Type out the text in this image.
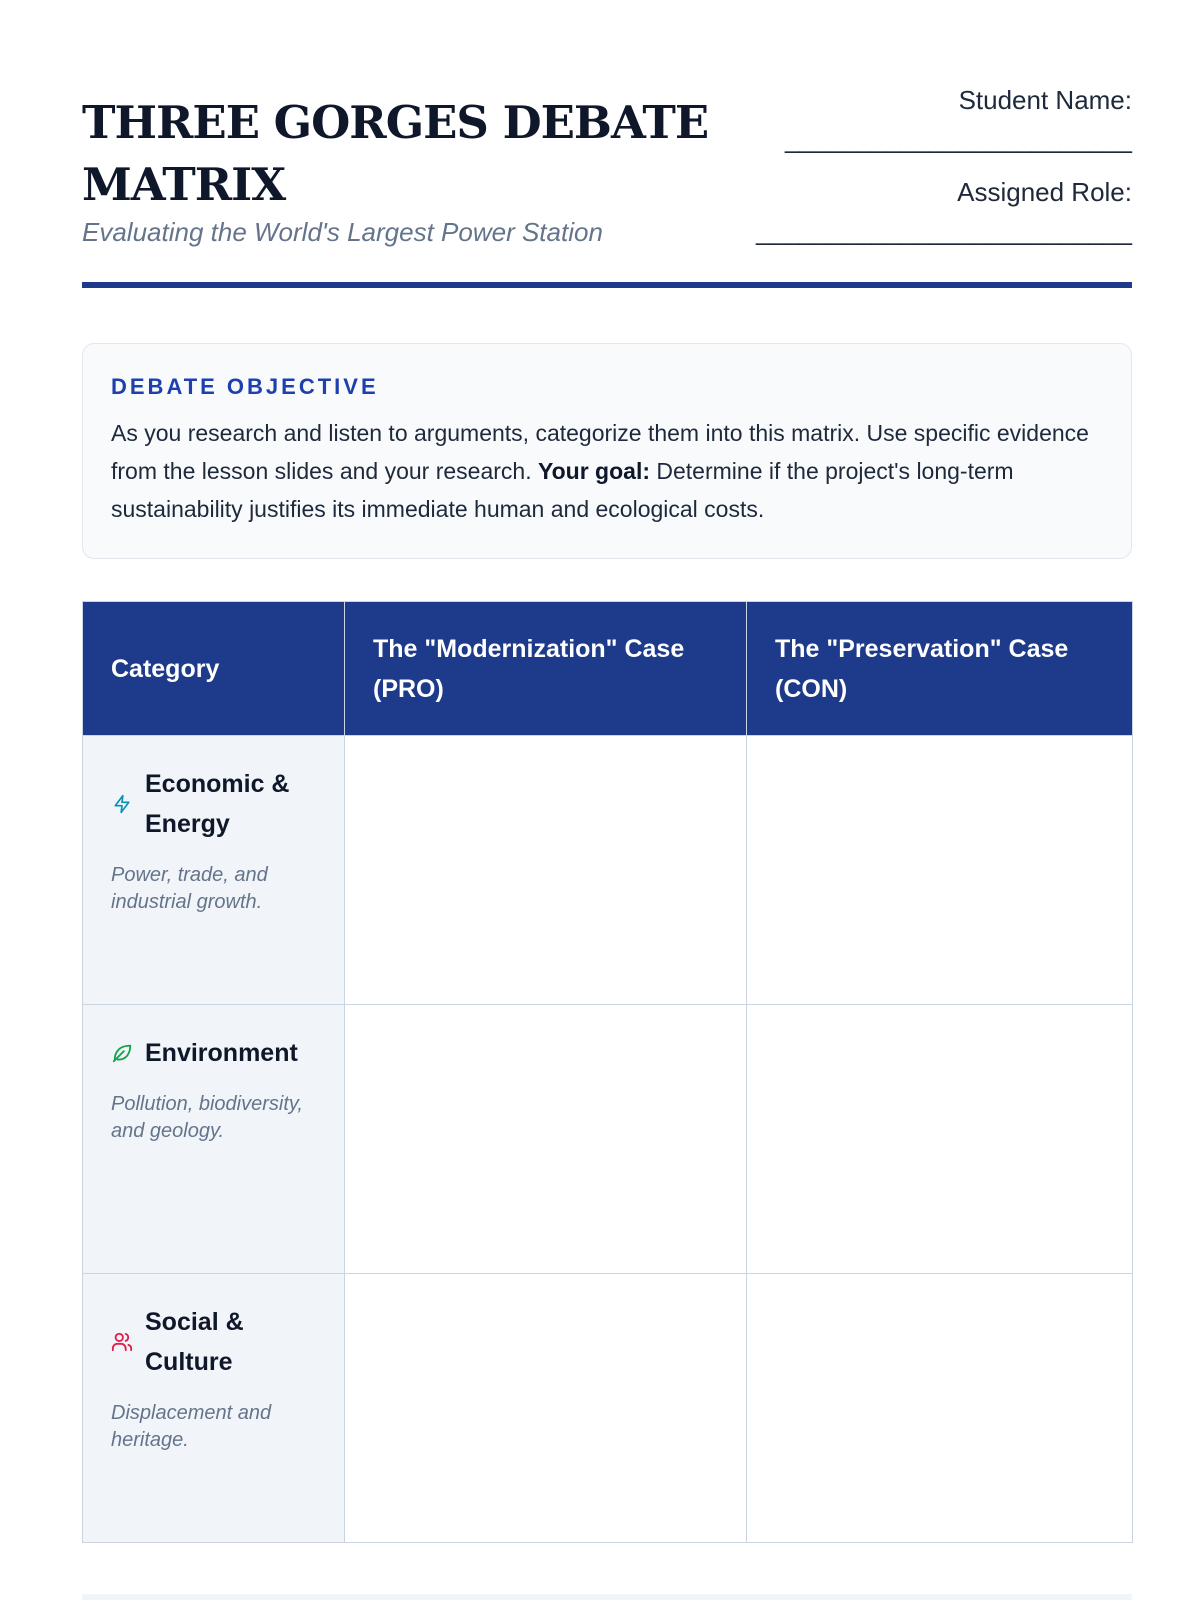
THREE GORGES DEBATE MATRIX
Evaluating the World's Largest Power Station
Student Name:
________________________
Assigned Role:
__________________________
DEBATE OBJECTIVE

As you research and listen to arguments, categorize them into this matrix. Use specific evidence from the lesson slides and your research. Your goal: Determine if the project's long-term sustainability justifies its immediate human and ecological costs.

Category	The "Modernization" Case (PRO)	The "Preservation" Case (CON)

Economic & Energy
Power, trade, and industrial growth.		

Environment
Pollution, biodiversity, and geology.		

Social & Culture
Displacement and heritage.		
